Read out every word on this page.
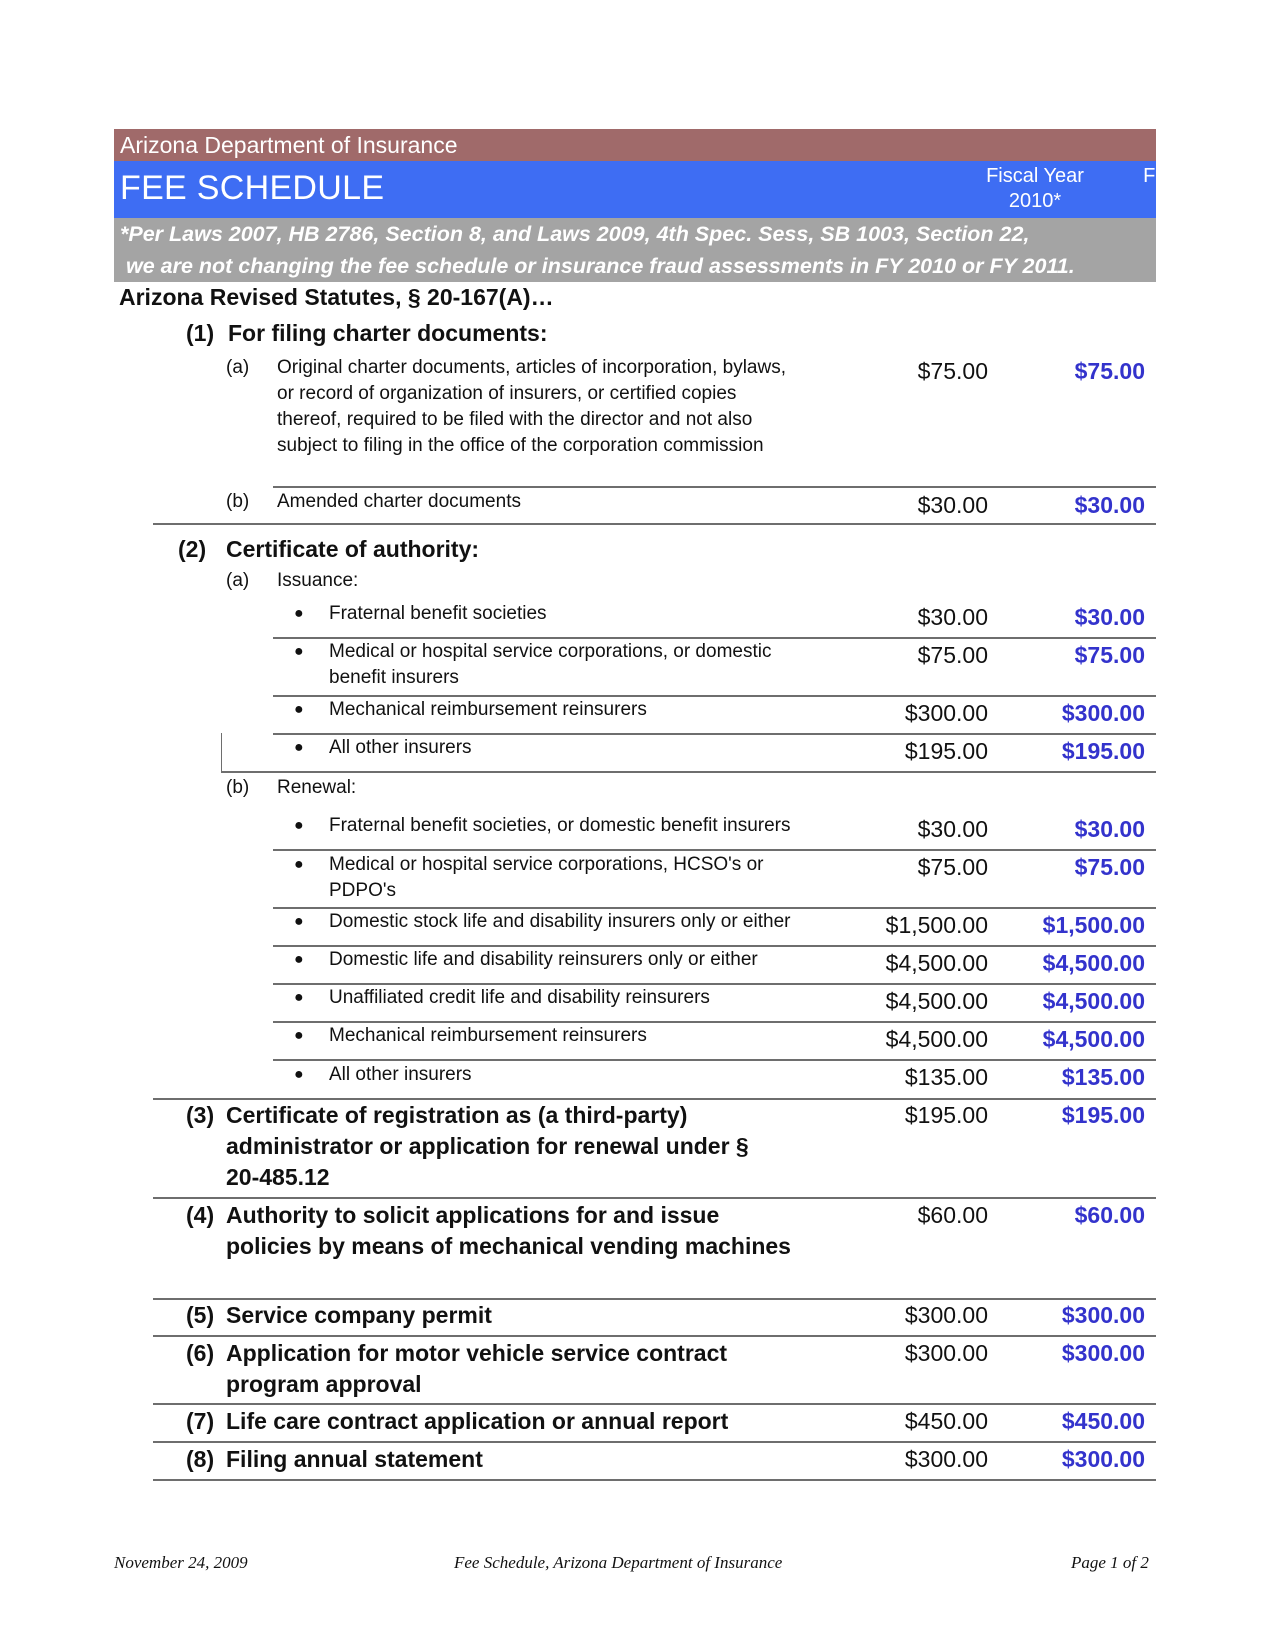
Arizona Department of Insurance
FEE SCHEDULE	Fiscal Year
2010*
Fiscal Year
2011*
*Per Laws 2007, HB 2786, Section 8, and Laws 2009, 4th Spec. Sess, SB 1003, Section 22,
we are not changing the fee schedule or insurance fraud assessments in FY 2010 or FY 2011.
Arizona Revised Statutes, § 20-167(A)…
(1) For filing charter documents:
(a) Original charter documents, articles of incorporation, bylaws,
or record of organization of insurers, or certified copies
thereof, required to be filed with the director and not also
subject to filing in the office of the corporation commission
$75.00	$75.00
(b) Amended charter documents	$30.00	$30.00
(2) Certificate of authority:
(a) Issuance:
● Fraternal benefit societies	$30.00	$30.00
● Medical or hospital service corporations, or domestic
benefit insurers
$75.00	$75.00
● Mechanical reimbursement reinsurers	$300.00	$300.00
● All other insurers	$195.00	$195.00
(b) Renewal:
● Fraternal benefit societies, or domestic benefit insurers	$30.00	$30.00
● Medical or hospital service corporations, HCSO's or
PDPO's
$75.00	$75.00
● Domestic stock life and disability insurers only or either	$1,500.00	$1,500.00
● Domestic life and disability reinsurers only or either	$4,500.00	$4,500.00
● Unaffiliated credit life and disability reinsurers	$4,500.00	$4,500.00
● Mechanical reimbursement reinsurers	$4,500.00	$4,500.00
● All other insurers	$135.00	$135.00
(3) Certificate of registration as (a third-party)
administrator or application for renewal under §
20-485.12
$195.00	$195.00
(4) Authority to solicit applications for and issue
policies by means of mechanical vending machines
$60.00	$60.00
(5) Service company permit	$300.00	$300.00
(6) Application for motor vehicle service contract
program approval
$300.00	$300.00
(7) Life care contract application or annual report	$450.00	$450.00
(8) Filing annual statement	$300.00	$300.00
November 24, 2009	Fee Schedule, Arizona Department of Insurance	Page 1 of 2
